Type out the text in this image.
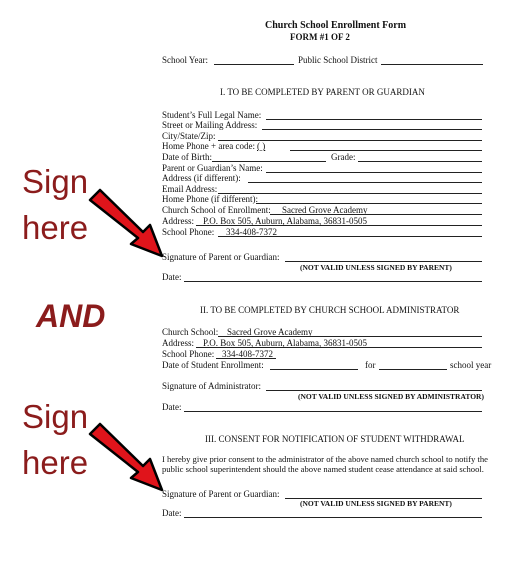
Church School Enrollment Form
FORM #1 OF 2
School Year:	Public School District
I. TO BE COMPLETED BY PARENT OR GUARDIAN
Student’s Full Legal Name:
Street or Mailing Address:
City/State/Zip:
Home Phone + area code: ( )
Date of Birth:	Grade:
Parent or Guardian’s Name:
Address (if different):
Email Address:
Home Phone (if different):
Church School of Enrollment: Sacred Grove Academy
Address: P.O. Box 505, Auburn, Alabama, 36831-0505
School Phone: 334-408-7372
Signature of Parent or Guardian:
(NOT VALID UNLESS SIGNED BY PARENT)
Date:
II. TO BE COMPLETED BY CHURCH SCHOOL ADMINISTRATOR
Church School: Sacred Grove Academy
Address: P.O. Box 505, Auburn, Alabama, 36831-0505
School Phone: 334-408-7372
Date of Student Enrollment:	for	school year
Signature of Administrator:
(NOT VALID UNLESS SIGNED BY ADMINISTRATOR)
Date:
III. CONSENT FOR NOTIFICATION OF STUDENT WITHDRAWAL
I hereby give prior consent to the administrator of the above named church school to notify the
public school superintendent should the above named student cease attendance at said school.
Signature of Parent or Guardian:
(NOT VALID UNLESS SIGNED BY PARENT)
Date:
Sign
here
AND
Sign
here
